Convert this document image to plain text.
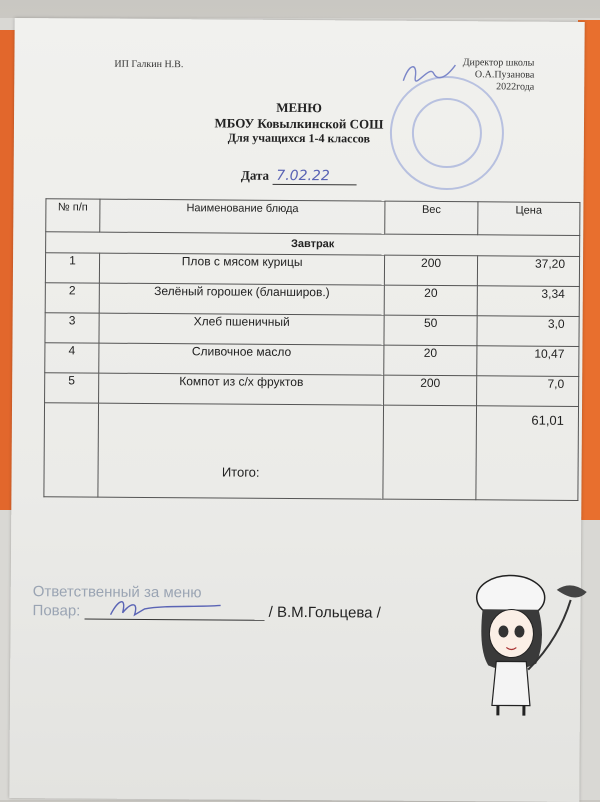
ИП Галкин Н.В.	Директор школы
О.А.Пузанова
2022года
МЕНЮ
МБОУ Ковылкинской СОШ
Для учащихся 1-4 классов
Дата 7.02.22
№ п/п	Наименование блюда	Вес	Цена
Завтрак			
1	Плов с мясом курицы	200	37,20
2	Зелёный горошек (бланширов.)	20	3,34
3	Хлеб пшеничный	50	3,0
4	Сливочное масло	20	10,47
5	Компот из с/х фруктов	200	7,0
	Итого:		61,01
Ответственный за меню
Повар:	/ В.М.Гольцева /
